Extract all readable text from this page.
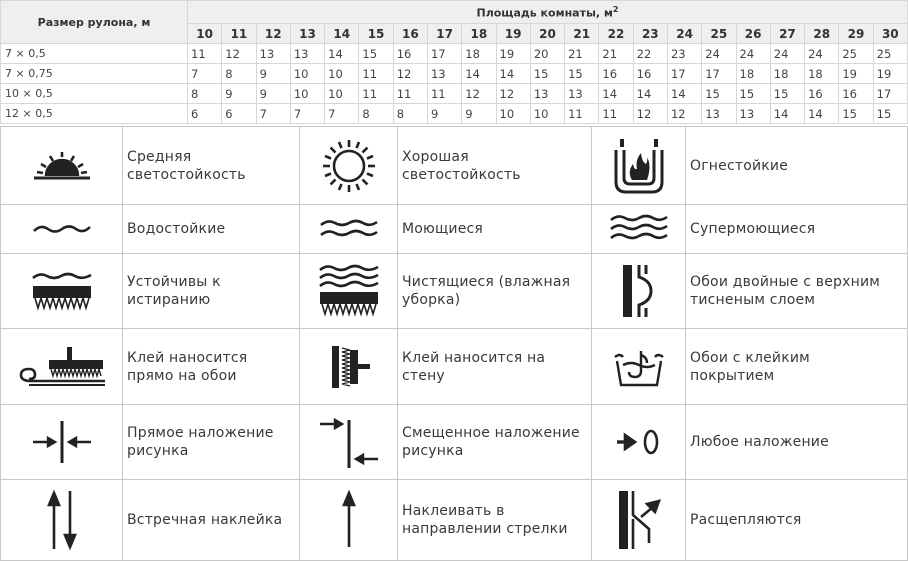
Размер рулона, м	Площадь комнаты, $м^2$
	10	11	12	13	14	15	16	17	18	19	20	21	22	23	24	25	26	27	28	29	30
7 × 0,5	11	12	13	13	14	15	16	17	18	19	20	21	21	22	23	24	24	24	24	25	25
7 × 0,75	7	8	9	10	10	11	12	13	14	14	15	15	16	16	17	17	18	18	18	19	19
10 × 0,5	8	9	9	10	10	11	11	11	12	12	13	13	14	14	14	15	15	15	16	16	17
12 × 0,5	6	6	7	7	7	8	8	9	9	10	10	11	11	12	12	13	13	14	14	15	15
Средняя
светостойкость
Хорошая
светостойкость
Огнестойкие
Водостойкие	Моющиеся	Супермоющиеся
Устойчивы к
истиранию
Чистящиеся (влажная
уборка)
Обои двойные с верхним
тисненым слоем
Клей наносится
прямо на обои
Клей наносится на
стену
Обои с клейким
покрытием
Прямое наложение
рисунка
Смещенное наложение
рисунка
Любое наложение
Встречная наклейка
Наклеивать в
направлении стрелки
Расщепляются
